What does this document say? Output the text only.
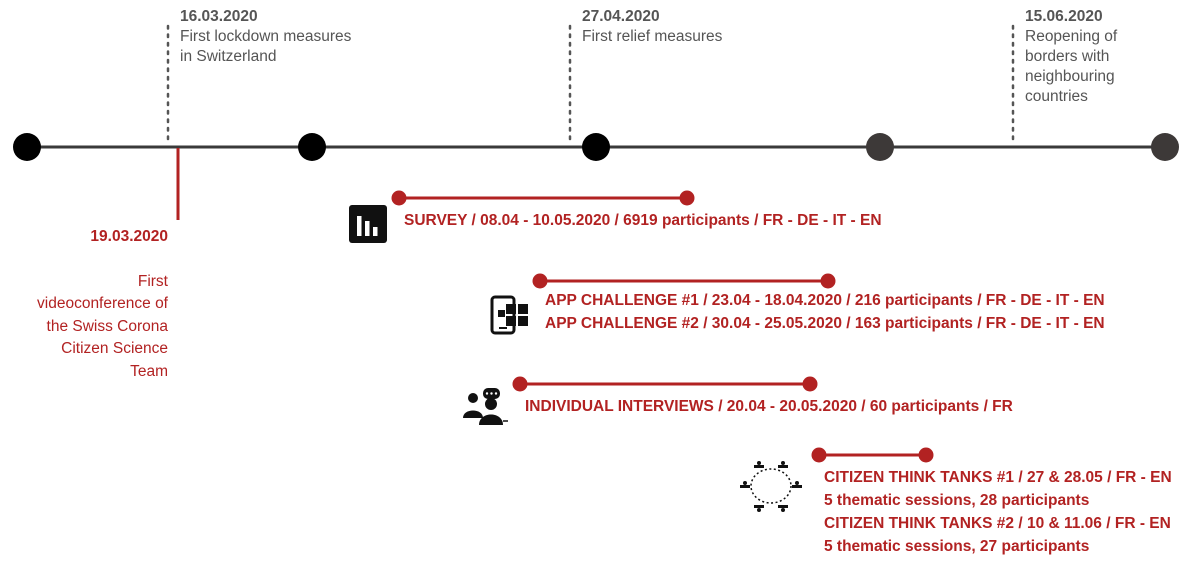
16.03.2020
First lockdown measures
in Switzerland
27.04.2020
First relief measures
15.06.2020
Reopening of
borders with
neighbouring
countries

19.03.2020

First
videoconference of
the Swiss Corona
Citizen Science
Team

SURVEY / 08.04 - 10.05.2020 / 6919 participants / FR - DE - IT - EN
APP CHALLENGE #1 / 23.04 - 18.04.2020 / 216 participants / FR - DE - IT - EN
APP CHALLENGE #2 / 30.04 - 25.05.2020 / 163 participants / FR - DE - IT - EN
INDIVIDUAL INTERVIEWS / 20.04 - 20.05.2020 / 60 participants / FR
CITIZEN THINK TANKS #1 / 27 & 28.05 / FR - EN
5 thematic sessions, 28 participants
CITIZEN THINK TANKS #2 / 10 & 11.06 / FR - EN
5 thematic sessions, 27 participants
